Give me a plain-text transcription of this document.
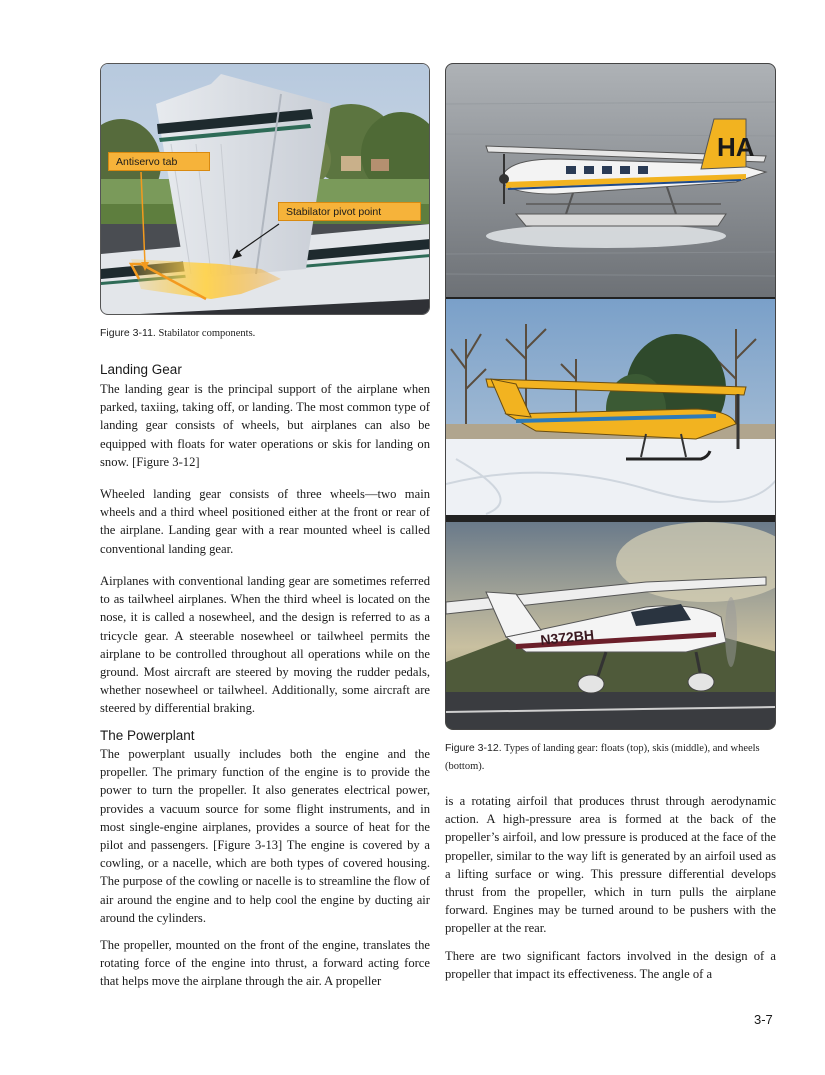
Antiservo tab
Stabilator pivot point
Figure 3-11. Stabilator components.
Landing Gear

The landing gear is the principal support of the airplane when parked, taxiing, taking off, or landing. The most common type of landing gear consists of wheels, but airplanes can also be equipped with floats for water operations or skis for landing on snow. [Figure 3-12]

Wheeled landing gear consists of three wheels—two main wheels and a third wheel positioned either at the front or rear of the airplane. Landing gear with a rear mounted wheel is called conventional landing gear.

Airplanes with conventional landing gear are sometimes referred to as tailwheel airplanes. When the third wheel is located on the nose, it is called a nosewheel, and the design is referred to as a tricycle gear. A steerable nosewheel or tailwheel permits the airplane to be controlled throughout all operations while on the ground. Most aircraft are steered by moving the rudder pedals, whether nosewheel or tailwheel. Additionally, some aircraft are steered by differential braking.

The Powerplant

The powerplant usually includes both the engine and the propeller. The primary function of the engine is to provide the power to turn the propeller. It also generates electrical power, provides a vacuum source for some flight instruments, and in most single-engine airplanes, provides a source of heat for the pilot and passengers. [Figure 3-13] The engine is covered by a cowling, or a nacelle, which are both types of covered housing. The purpose of the cowling or nacelle is to streamline the flow of air around the engine and to help cool the engine by ducting air around the cylinders.

The propeller, mounted on the front of the engine, translates the rotating force of the engine into thrust, a forward acting force that helps move the airplane through the air. A propeller

HA
N372BH
Figure 3-12. Types of landing gear: floats (top), skis (middle), and wheels (bottom).

is a rotating airfoil that produces thrust through aerodynamic action. A high-pressure area is formed at the back of the propeller’s airfoil, and low pressure is produced at the face of the propeller, similar to the way lift is generated by an airfoil used as a lifting surface or wing. This pressure differential develops thrust from the propeller, which in turn pulls the airplane forward. Engines may be turned around to be pushers with the propeller at the rear.

There are two significant factors involved in the design of a propeller that impact its effectiveness. The angle of a

3-7
